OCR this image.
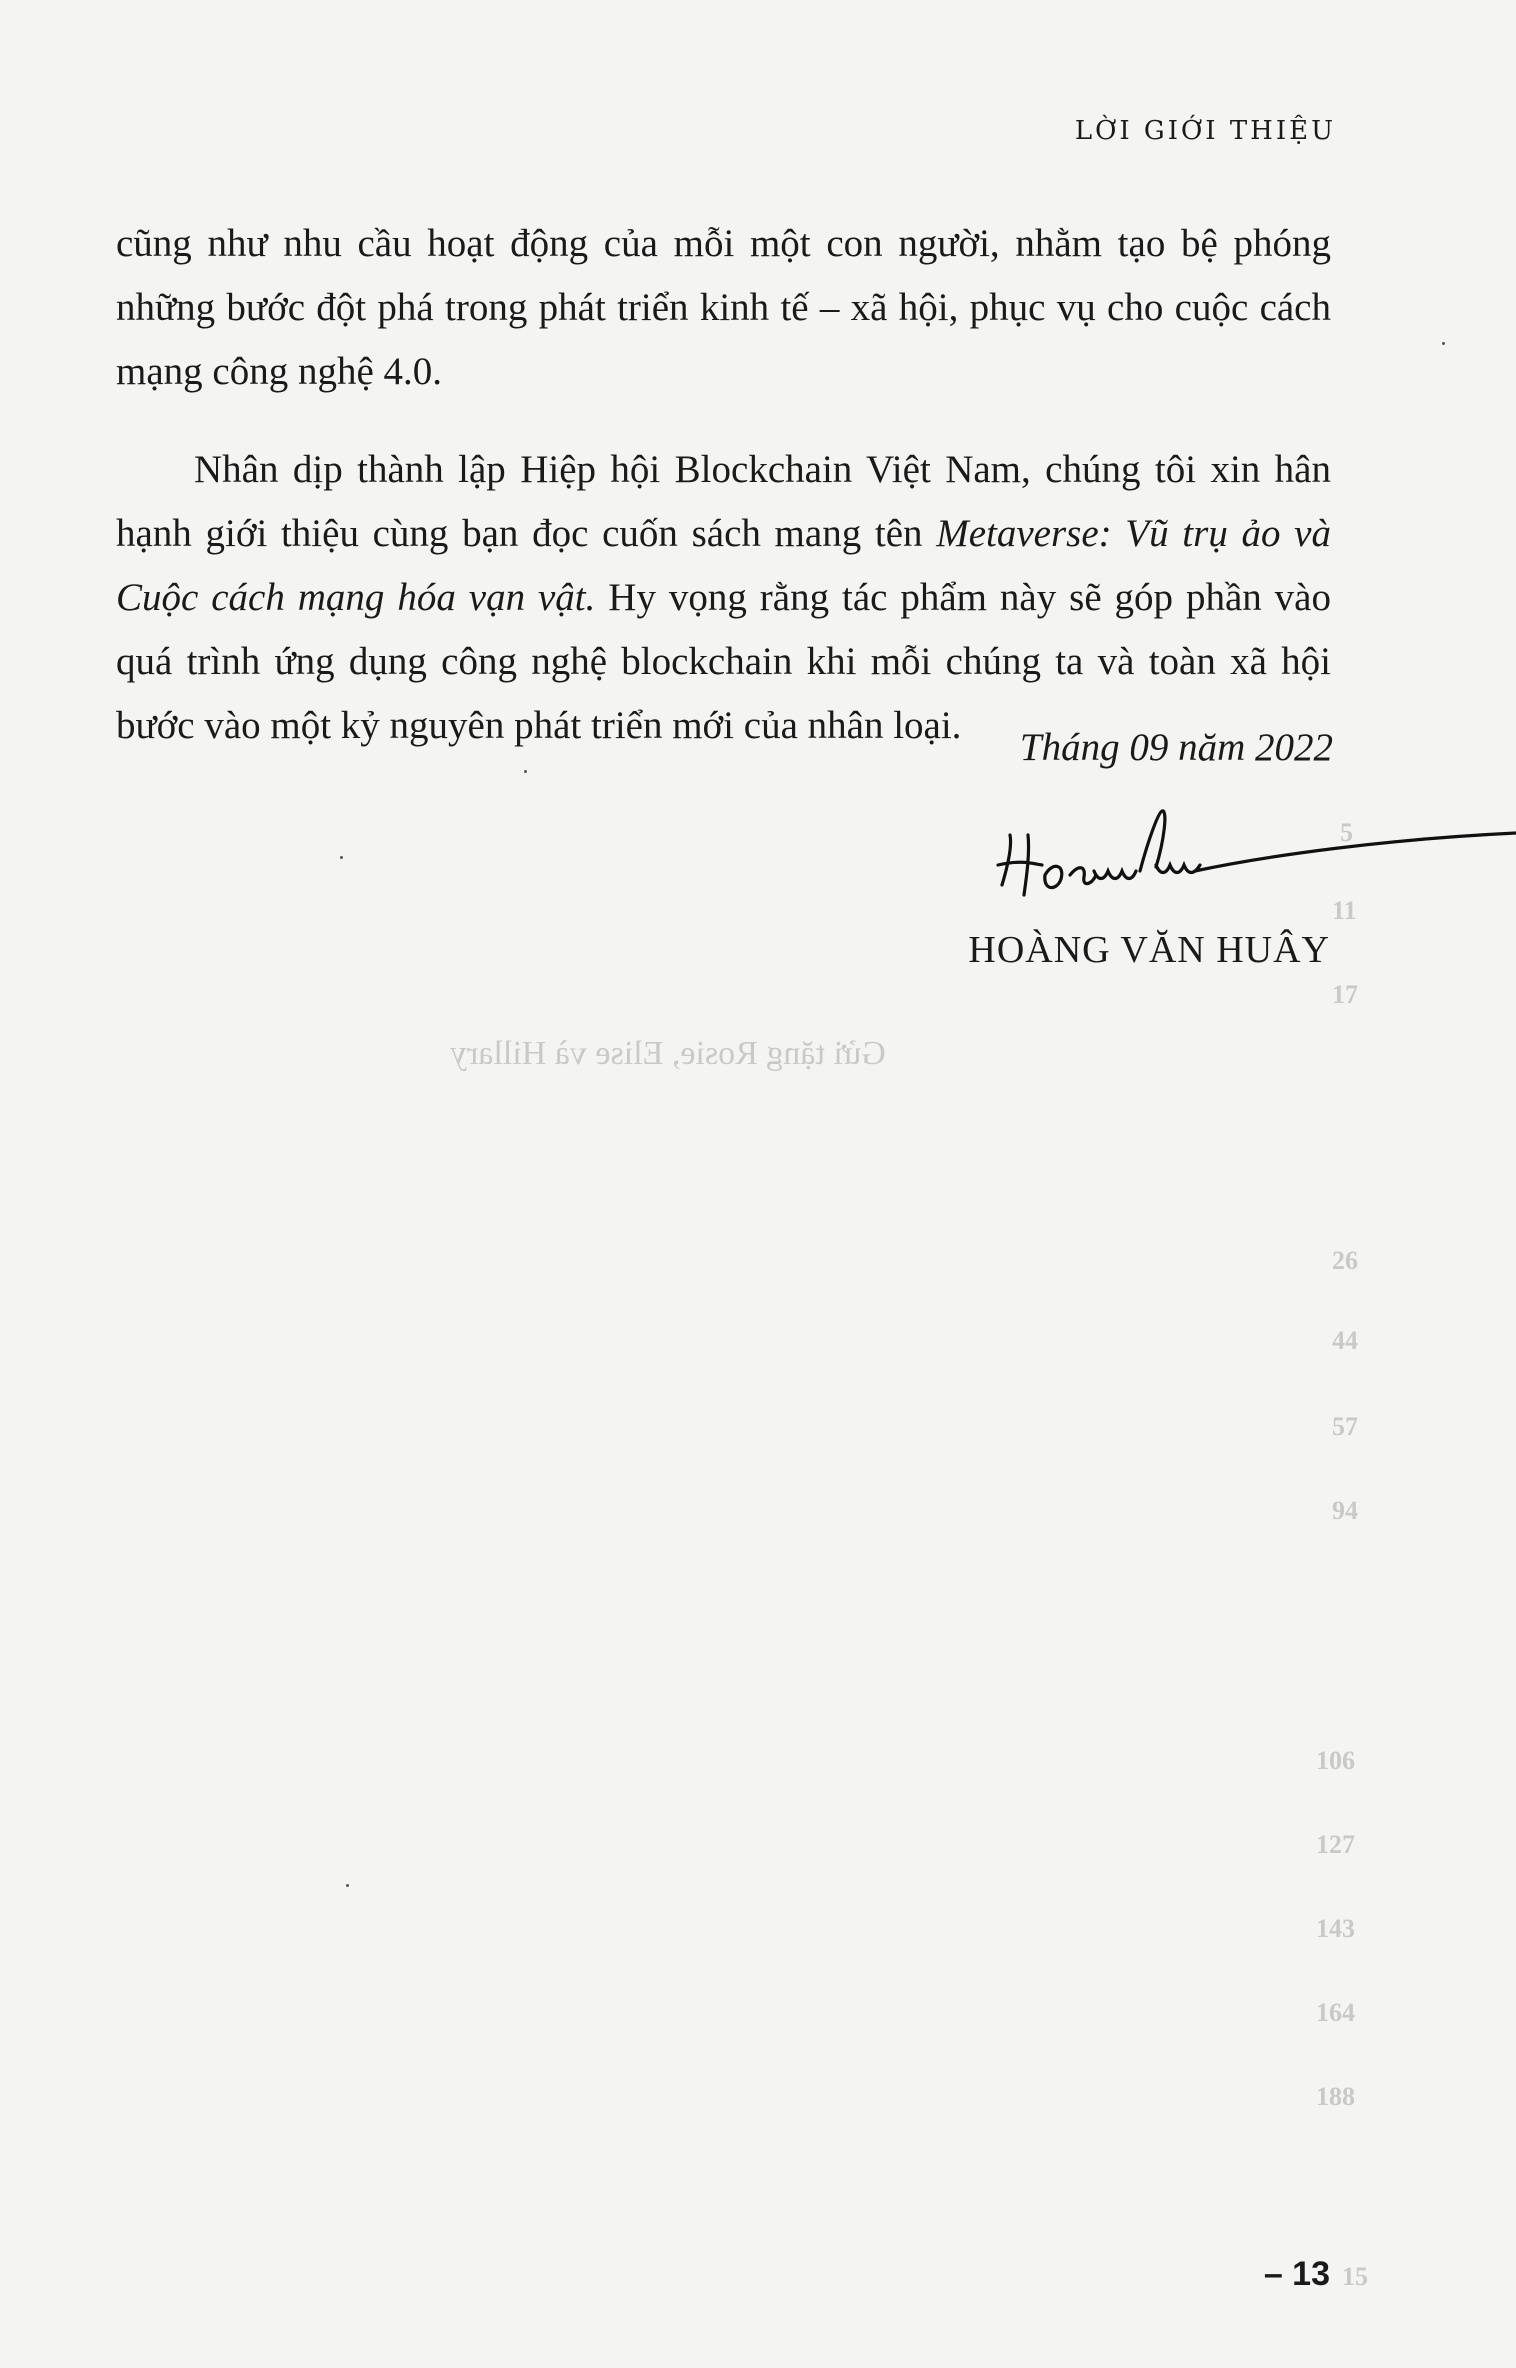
LỜI GIỚI THIỆU

cũng như nhu cầu hoạt động của mỗi một con người, nhằm tạo bệ phóng những bước đột phá trong phát triển kinh tế – xã hội, phục vụ cho cuộc cách mạng công nghệ 4.0.

Nhân dịp thành lập Hiệp hội Blockchain Việt Nam, chúng tôi xin hân hạnh giới thiệu cùng bạn đọc cuốn sách mang tên Metaverse: Vũ trụ ảo và Cuộc cách mạng hóa vạn vật. Hy vọng rằng tác phẩm này sẽ góp phần vào quá trình ứng dụng công nghệ blockchain khi mỗi chúng ta và toàn xã hội bước vào một kỷ nguyên phát triển mới của nhân loại.

Tháng 09 năm 2022
HOÀNG VĂN HUÂY
Gửi tặng Rosie, Elise và Hillary
5
11
17
26
44
57
94
106
127
143
164
188
15
– 13
